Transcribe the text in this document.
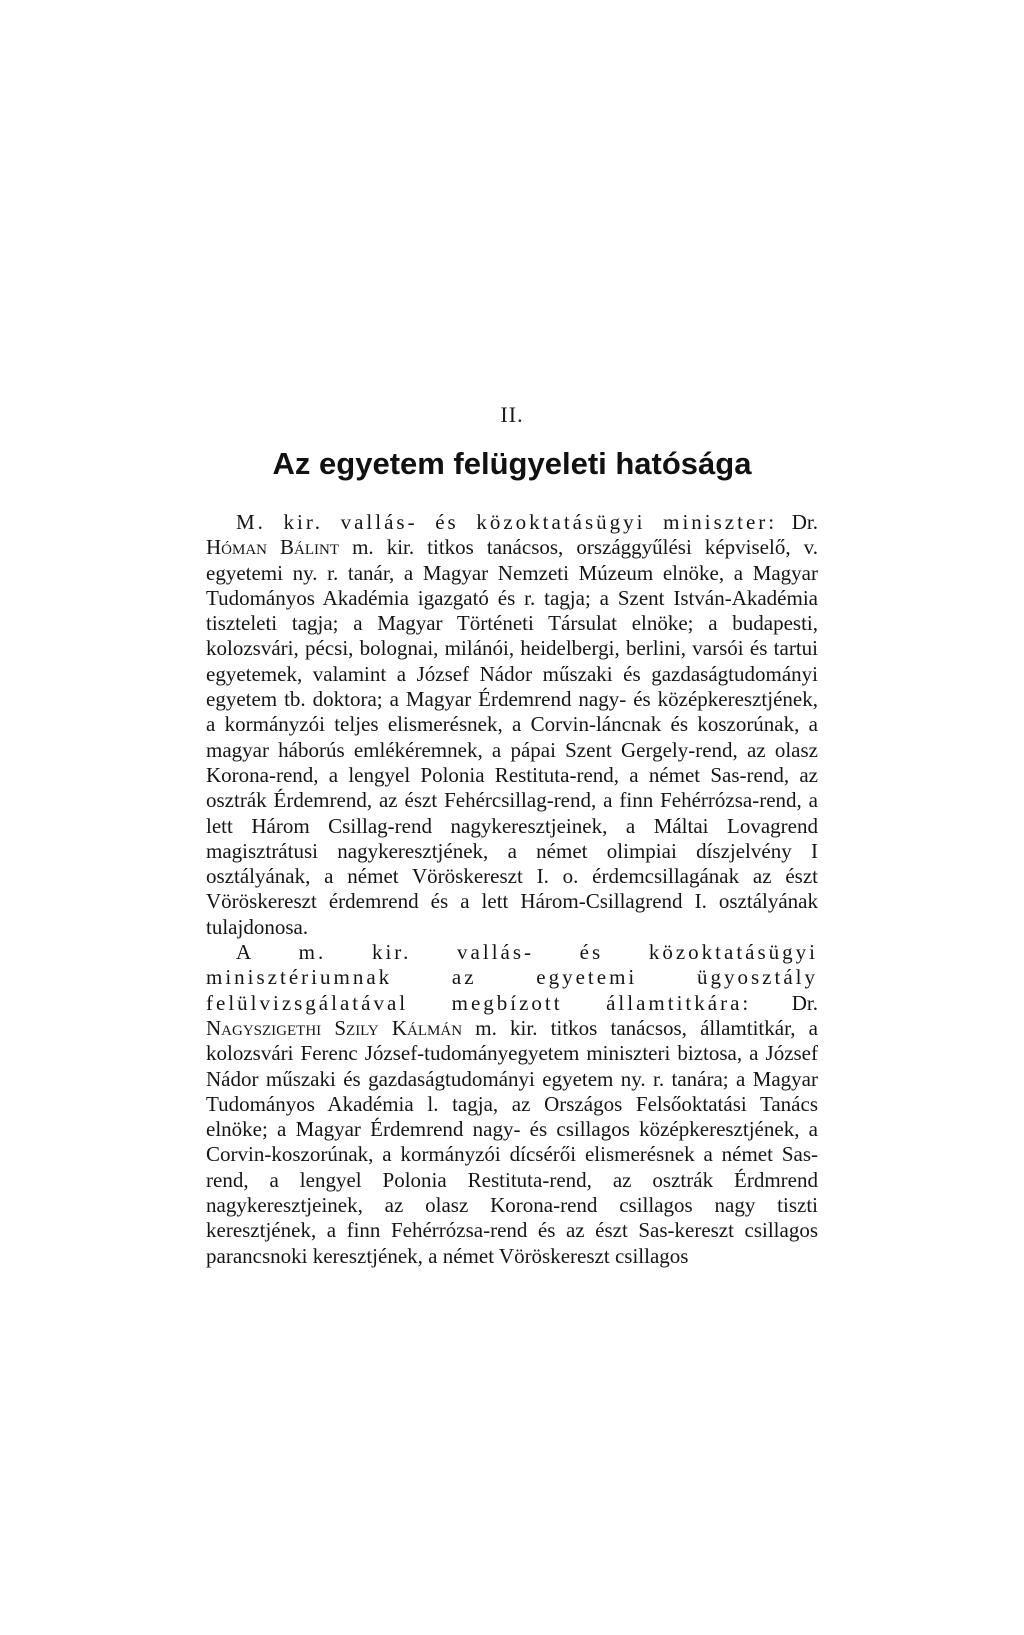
II.
Az egyetem felügyeleti hatósága

M. kir. vallás- és közoktatásügyi miniszter: Dr. Hóman Bálint m. kir. titkos tanácsos, országgyűlési képviselő, v. egyetemi ny. r. tanár, a Magyar Nemzeti Múzeum elnöke, a Magyar Tudományos Akadémia igazgató és r. tagja; a Szent István-Akadémia tiszteleti tagja; a Magyar Történeti Társulat elnöke; a budapesti, kolozsvári, pécsi, bolognai, milánói, heidelbergi, berlini, varsói és tartui egyetemek, valamint a József Nádor műszaki és gazdaságtudományi egyetem tb. doktora; a Magyar Érdemrend nagy- és középkeresztjének, a kormányzói teljes elismerésnek, a Corvin-láncnak és koszorúnak, a magyar háborús emlékéremnek, a pápai Szent Gergely-rend, az olasz Korona-rend, a lengyel Polonia Restituta-rend, a német Sas-rend, az osztrák Érdemrend, az észt Fehércsillag-rend, a finn Fehérrózsa-rend, a lett Három Csillag-rend nagykeresztjeinek, a Máltai Lovagrend magisztrátusi nagykeresztjének, a német olimpiai díszjelvény I osztályának, a német Vöröskereszt I. o. érdemcsillagának az észt Vöröskereszt érdemrend és a lett Három-Csillagrend I. osztályának tulajdonosa.

A m. kir. vallás- és közoktatásügyi minisztériumnak az egyetemi ügyosztály felülvizsgálatával megbízott államtitkára: Dr. Nagyszigethi Szily Kálmán m. kir. titkos tanácsos, államtitkár, a kolozsvári Ferenc József-tudományegyetem miniszteri biztosa, a József Nádor műszaki és gazdaságtudományi egyetem ny. r. tanára; a Magyar Tudományos Akadémia l. tagja, az Országos Felsőoktatási Tanács elnöke; a Magyar Érdemrend nagy- és csillagos középkeresztjének, a Corvin-koszorúnak, a kormányzói dícsérői elismerésnek a német Sas-rend, a lengyel Polonia Restituta-rend, az osztrák Érdmrend nagykeresztjeinek, az olasz Korona-rend csillagos nagy tiszti keresztjének, a finn Fehérrózsa-rend és az észt Sas-kereszt csillagos parancsnoki keresztjének, a német Vöröskereszt csillagos
